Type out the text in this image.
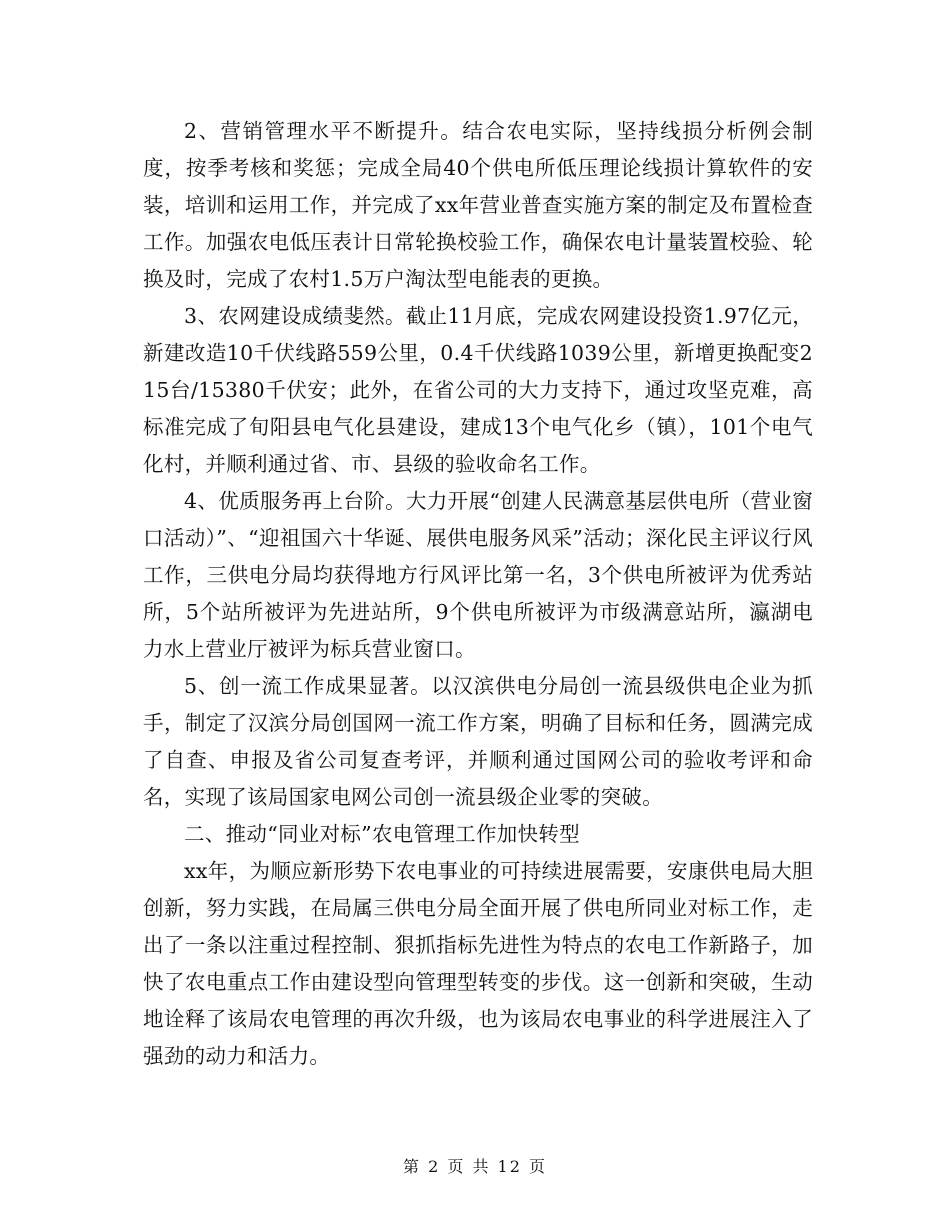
2、营销管理水平不断提升。结合农电实际，坚持线损分析例会制度，按季考核和奖惩；完成全局40个供电所低压理论线损计算软件的安装，培训和运用工作，并完成了xx年营业普查实施方案的制定及布置检查工作。加强农电低压表计日常轮换校验工作，确保农电计量装置校验、轮换及时，完成了农村1.5万户淘汰型电能表的更换。

3、农网建设成绩斐然。截止11月底，完成农网建设投资1.97亿元，新建改造10千伏线路559公里，0.4千伏线路1039公里，新增更换配变215台/15380千伏安；此外，在省公司的大力支持下，通过攻坚克难，高标准完成了旬阳县电气化县建设，建成13个电气化乡（镇），101个电气化村，并顺利通过省、市、县级的验收命名工作。

4、优质服务再上台阶。大力开展“创建人民满意基层供电所（营业窗口活动）”、“迎祖国六十华诞、展供电服务风采”活动；深化民主评议行风工作，三供电分局均获得地方行风评比第一名，3个供电所被评为优秀站所，5个站所被评为先进站所，9个供电所被评为市级满意站所，瀛湖电力水上营业厅被评为标兵营业窗口。

5、创一流工作成果显著。以汉滨供电分局创一流县级供电企业为抓手，制定了汉滨分局创国网一流工作方案，明确了目标和任务，圆满完成了自查、申报及省公司复查考评，并顺利通过国网公司的验收考评和命名，实现了该局国家电网公司创一流县级企业零的突破。

二、推动“同业对标”农电管理工作加快转型

xx年，为顺应新形势下农电事业的可持续进展需要，安康供电局大胆创新，努力实践，在局属三供电分局全面开展了供电所同业对标工作，走出了一条以注重过程控制、狠抓指标先进性为特点的农电工作新路子，加快了农电重点工作由建设型向管理型转变的步伐。这一创新和突破，生动地诠释了该局农电管理的再次升级，也为该局农电事业的科学进展注入了强劲的动力和活力。

第 2 页 共 12 页
